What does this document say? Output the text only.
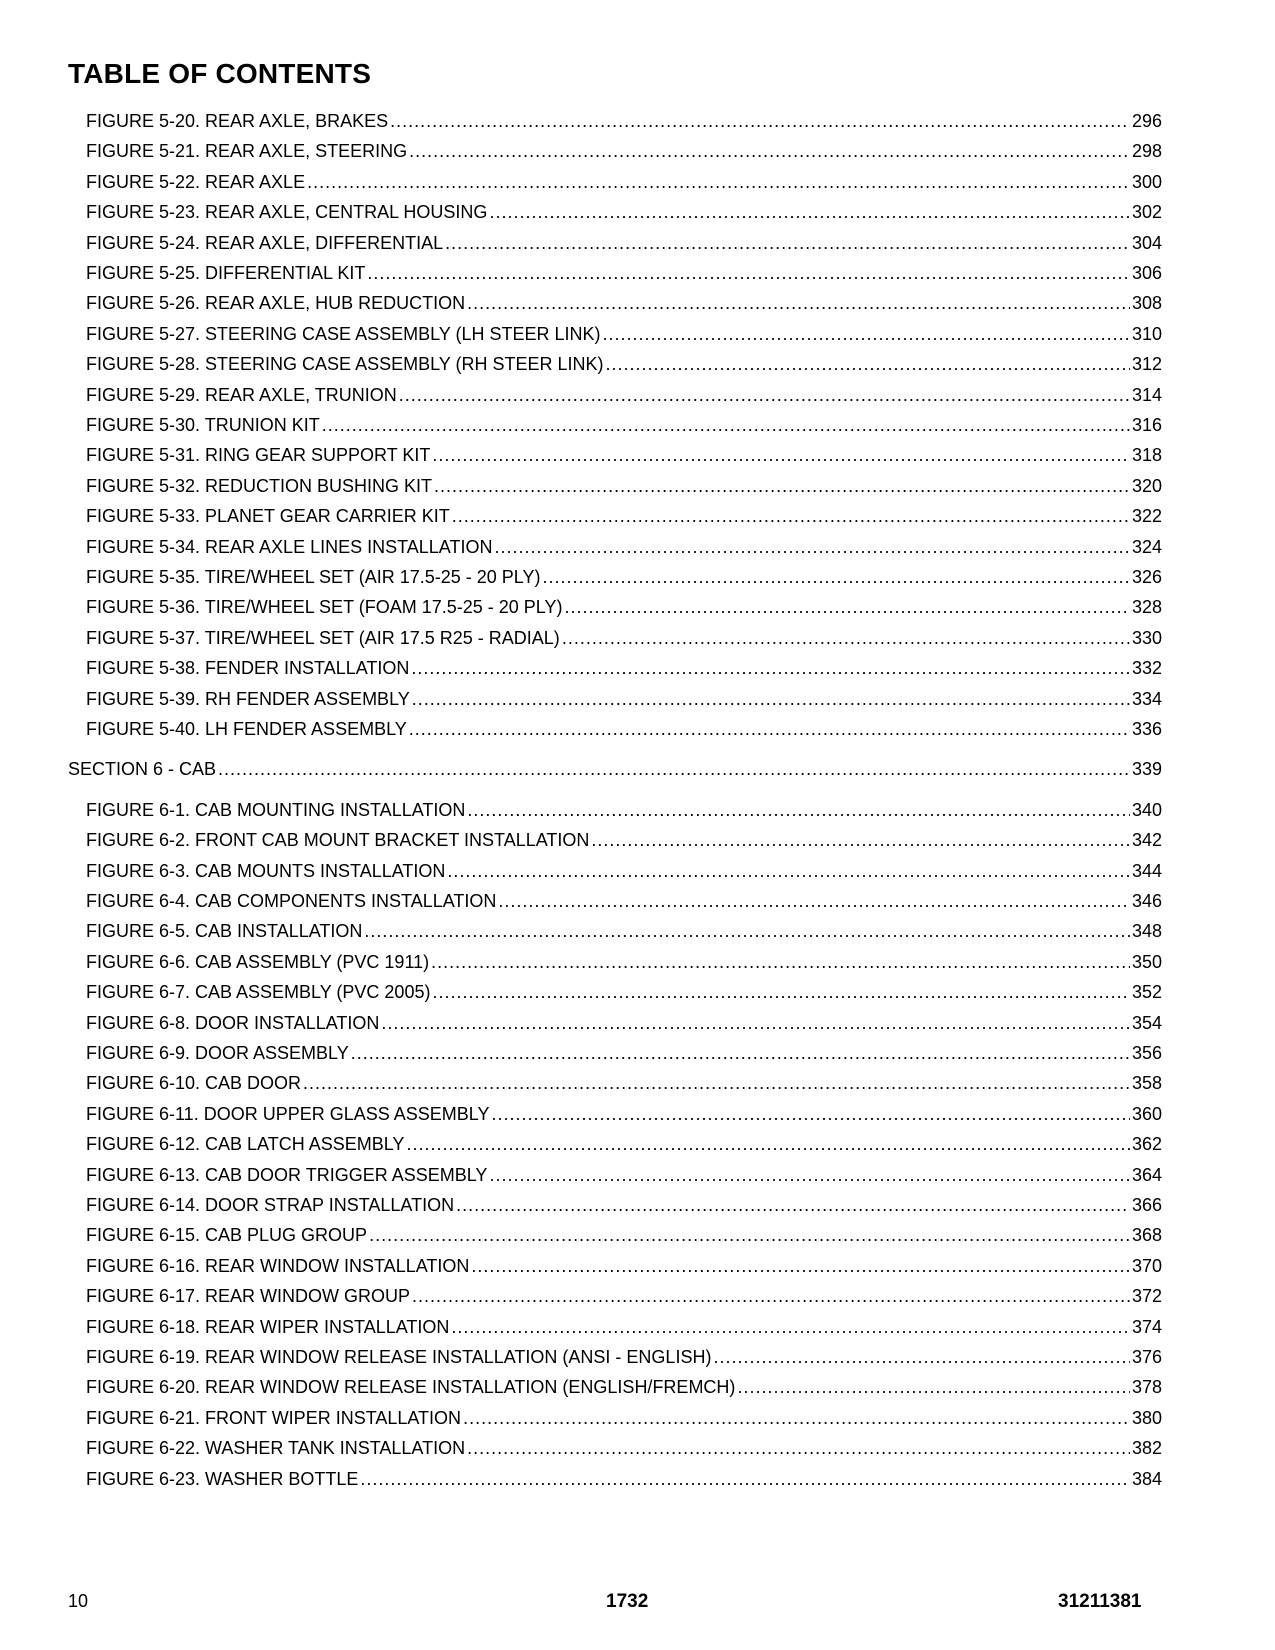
TABLE OF CONTENTS
FIGURE 5-20. REAR AXLE, BRAKES .....	296
FIGURE 5-21. REAR AXLE, STEERING .....	298
FIGURE 5-22. REAR AXLE .....	300
FIGURE 5-23. REAR AXLE, CENTRAL HOUSING .....	302
FIGURE 5-24. REAR AXLE, DIFFERENTIAL .....	304
FIGURE 5-25. DIFFERENTIAL KIT .....	306
FIGURE 5-26. REAR AXLE, HUB REDUCTION .....	308
FIGURE 5-27. STEERING CASE ASSEMBLY (LH STEER LINK) .....	310
FIGURE 5-28. STEERING CASE ASSEMBLY (RH STEER LINK) .....	312
FIGURE 5-29. REAR AXLE, TRUNION .....	314
FIGURE 5-30. TRUNION KIT .....	316
FIGURE 5-31. RING GEAR SUPPORT KIT .....	318
FIGURE 5-32. REDUCTION BUSHING KIT .....	320
FIGURE 5-33. PLANET GEAR CARRIER KIT .....	322
FIGURE 5-34. REAR AXLE LINES INSTALLATION .....	324
FIGURE 5-35. TIRE/WHEEL SET (AIR 17.5-25 - 20 PLY) .....	326
FIGURE 5-36. TIRE/WHEEL SET (FOAM 17.5-25 - 20 PLY) .....	328
FIGURE 5-37. TIRE/WHEEL SET (AIR 17.5 R25 - RADIAL) .....	330
FIGURE 5-38. FENDER INSTALLATION .....	332
FIGURE 5-39. RH FENDER ASSEMBLY .....	334
FIGURE 5-40. LH FENDER ASSEMBLY .....	336
SECTION 6 - CAB .....	339
FIGURE 6-1. CAB MOUNTING INSTALLATION .....	340
FIGURE 6-2. FRONT CAB MOUNT BRACKET INSTALLATION .....	342
FIGURE 6-3. CAB MOUNTS INSTALLATION .....	344
FIGURE 6-4. CAB COMPONENTS INSTALLATION .....	346
FIGURE 6-5. CAB INSTALLATION .....	348
FIGURE 6-6. CAB ASSEMBLY (PVC 1911) .....	350
FIGURE 6-7. CAB ASSEMBLY (PVC 2005) .....	352
FIGURE 6-8. DOOR INSTALLATION .....	354
FIGURE 6-9. DOOR ASSEMBLY .....	356
FIGURE 6-10. CAB DOOR .....	358
FIGURE 6-11. DOOR UPPER GLASS ASSEMBLY .....	360
FIGURE 6-12. CAB LATCH ASSEMBLY .....	362
FIGURE 6-13. CAB DOOR TRIGGER ASSEMBLY .....	364
FIGURE 6-14. DOOR STRAP INSTALLATION .....	366
FIGURE 6-15. CAB PLUG GROUP .....	368
FIGURE 6-16. REAR WINDOW INSTALLATION .....	370
FIGURE 6-17. REAR WINDOW GROUP .....	372
FIGURE 6-18. REAR WIPER INSTALLATION .....	374
FIGURE 6-19. REAR WINDOW RELEASE INSTALLATION (ANSI - ENGLISH) .....	376
FIGURE 6-20. REAR WINDOW RELEASE INSTALLATION (ENGLISH/FREMCH) .....	378
FIGURE 6-21. FRONT WIPER INSTALLATION .....	380
FIGURE 6-22. WASHER TANK INSTALLATION .....	382
FIGURE 6-23. WASHER BOTTLE .....	384
10	1732	31211381
